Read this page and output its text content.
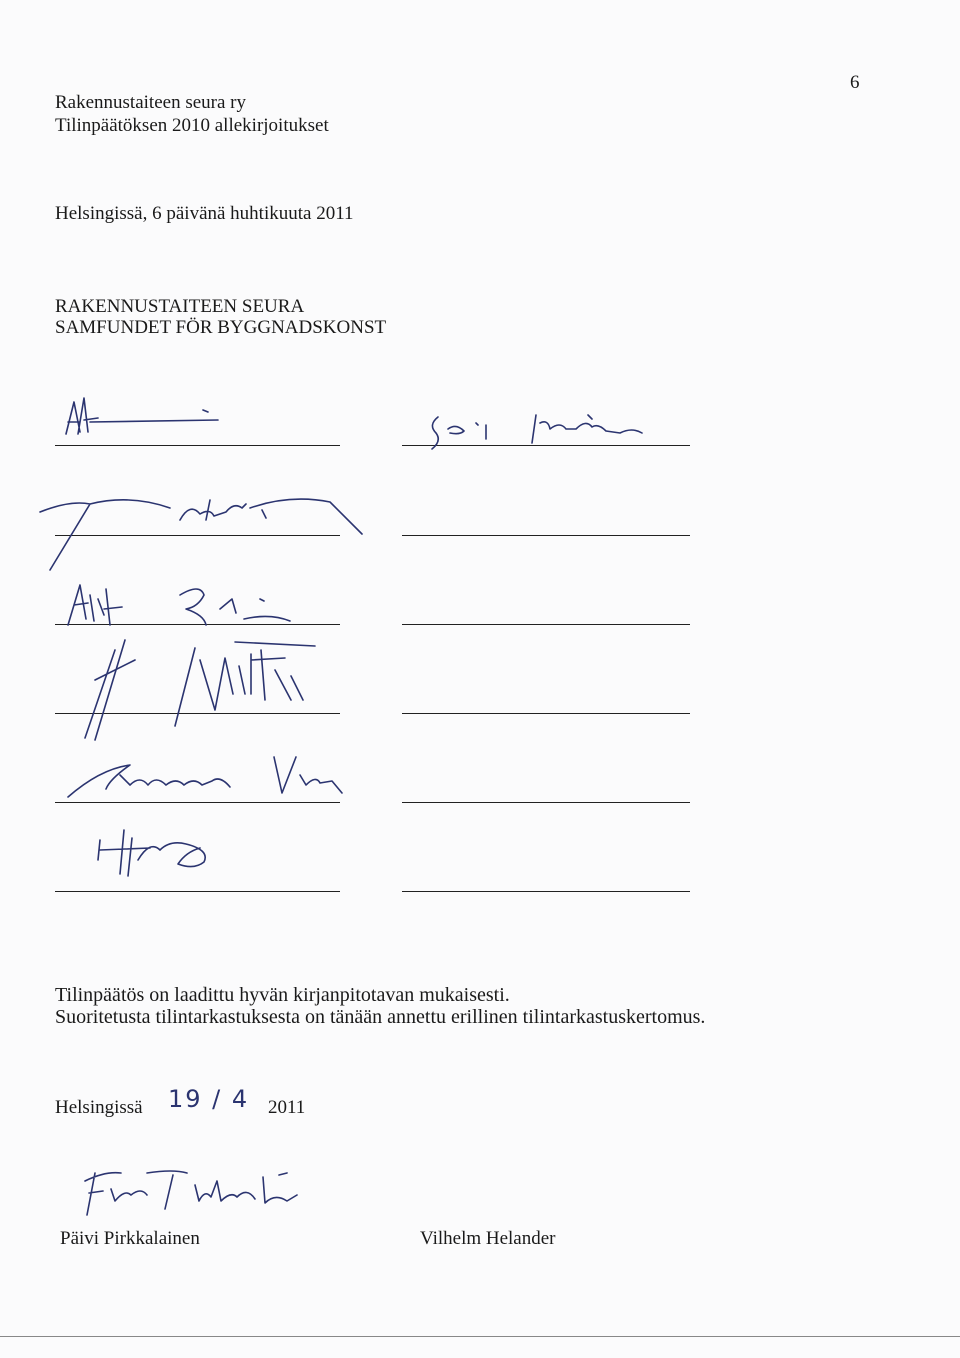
6
Rakennustaiteen seura ry
Tilinpäätöksen 2010 allekirjoitukset
Helsingissä, 6 päivänä huhtikuuta 2011
RAKENNUSTAITEEN SEURA
SAMFUNDET FÖR BYGGNADSKONST
Tilinpäätös on laadittu hyvän kirjanpitotavan mukaisesti.
Suoritetusta tilintarkastuksesta on tänään annettu erillinen tilintarkastuskertomus.
Helsingissä 19 / 4 2011
Päivi Pirkkalainen	Vilhelm Helander
